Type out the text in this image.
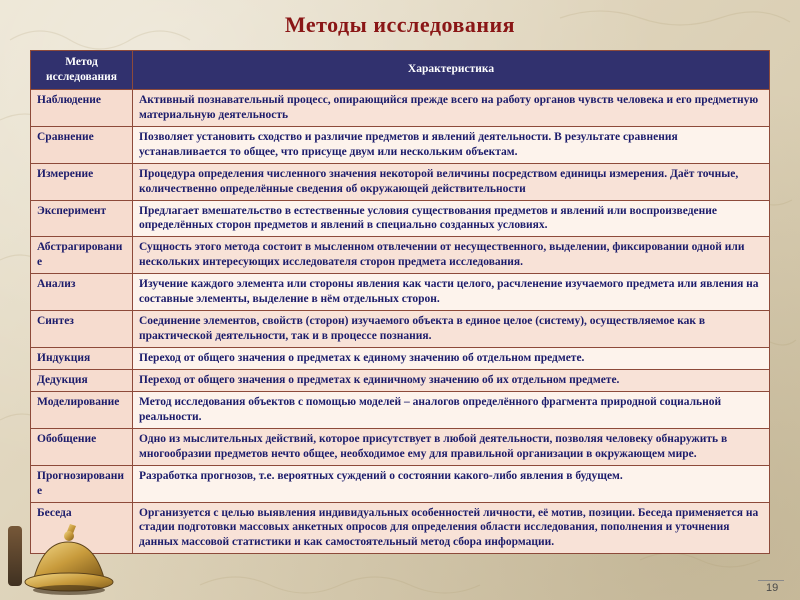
Методы исследования
Метод исследования	Характеристика
Наблюдение	Активный познавательный процесс, опирающийся прежде всего на работу органов чувств человека и его предметную материальную деятельность
Сравнение	Позволяет установить сходство и различие предметов и явлений деятельности. В результате сравнения устанавливается то общее, что присуще двум или нескольким объектам.
Измерение	Процедура определения численного значения некоторой величины посредством единицы измерения. Даёт точные, количественно определённые сведения об окружающей действительности
Эксперимент	Предлагает вмешательство в естественные условия существования предметов и явлений или воспроизведение определённых сторон предметов и явлений в специально созданных условиях.
Абстрагирование	Сущность этого метода состоит в мысленном отвлечении от несущественного, выделении, фиксировании одной или нескольких интересующих исследователя сторон предмета исследования.
Анализ	Изучение каждого элемента или стороны явления как части целого, расчленение изучаемого предмета или явления на составные элементы, выделение в нём отдельных сторон.
Синтез	Соединение элементов, свойств (сторон) изучаемого объекта в единое целое (систему), осуществляемое как в практической деятельности, так и в процессе познания.
Индукция	Переход от общего значения о предметах к единому значению об отдельном предмете.
Дедукция	Переход от общего значения о предметах к единичному значению об их отдельном предмете.
Моделирование	Метод исследования объектов с помощью моделей – аналогов определённого фрагмента природной социальной реальности.
Обобщение	Одно из мыслительных действий, которое присутствует в любой деятельности, позволяя человеку обнаружить в многообразии предметов нечто общее, необходимое ему для правильной организации в окружающем мире.
Прогнозирование	Разработка прогнозов, т.е. вероятных суждений о состоянии какого-либо явления в будущем.
Беседа	Организуется с целью выявления индивидуальных особенностей личности, её мотив, позиции. Беседа применяется на стадии подготовки массовых анкетных опросов для определения области исследования, пополнения и уточнения данных массовой статистики и как самостоятельный метод сбора информации.
19
